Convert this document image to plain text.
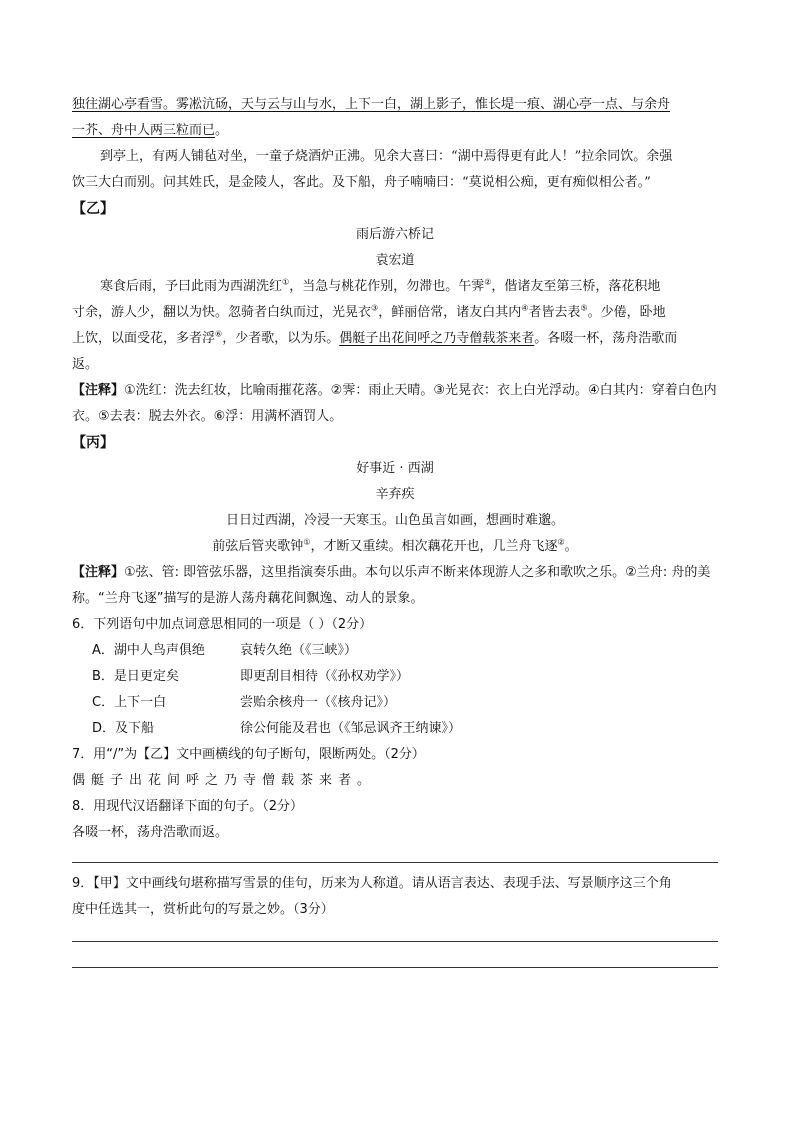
独往湖心亭看雪。雾凇沆砀，天与云与山与水，上下一白，湖上影子，惟长堤一痕、湖心亭一点、与余舟
一芥、舟中人两三粒而已。
到亭上，有两人铺毡对坐，一童子烧酒炉正沸。见余大喜曰：“湖中焉得更有此人！”拉余同饮。余强
饮三大白而别。问其姓氏，是金陵人，客此。及下船，舟子喃喃曰：“莫说相公痴，更有痴似相公者。”
【乙】
雨后游六桥记
袁宏道
寒食后雨，予曰此雨为西湖洗红①，当急与桃花作别，勿滞也。午霁②，偕诸友至第三桥，落花积地
寸余，游人少，翻以为快。忽骑者白纨而过，光晃衣③，鲜丽倍常，诸友白其内④者皆去表⑤。少倦，卧地
上饮，以面受花，多者浮⑥，少者歌，以为乐。偶艇子出花间呼之乃寺僧载茶来者。各啜一杯，荡舟浩歌而
返。
【注释】①洗红：洗去红妆，比喻雨摧花落。②霁：雨止天晴。③光晃衣：衣上白光浮动。④白其内：穿着白色内衣。⑤去表：脱去外衣。⑥浮：用满杯酒罚人。
【丙】
好事近 · 西湖
辛弃疾
日日过西湖，冷浸一天寒玉。山色虽言如画，想画时难邈。
前弦后管夹歌钟①，才断又重续。相次藕花开也，几兰舟飞逐②。
【注释】①弦、管: 即管弦乐器，这里指演奏乐曲。本句以乐声不断来体现游人之多和歌吹之乐。②兰舟: 舟的美称。“兰舟飞逐”描写的是游人荡舟藕花间飘逸、动人的景象。
6．下列语句中加点词意思相同的一项是（ ）（2分）
A．湖中人鸟声俱绝	哀转久绝（《三峡》）
B．是日更定矣	即更刮目相待（《孙权劝学》）
C．上下一白	尝贻余核舟一（《核舟记》）
D．及下船	徐公何能及君也（《邹忌讽齐王纳谏》）
7．用“/”为【乙】文中画横线的句子断句，限断两处。（2分）
偶艇子出花间呼之乃寺僧载茶来者。
8．用现代汉语翻译下面的句子。（2分）
各啜一杯，荡舟浩歌而返。
9．【甲】文中画线句堪称描写雪景的佳句，历来为人称道。请从语言表达、表现手法、写景顺序这三个角
度中任选其一，赏析此句的写景之妙。（3分）
